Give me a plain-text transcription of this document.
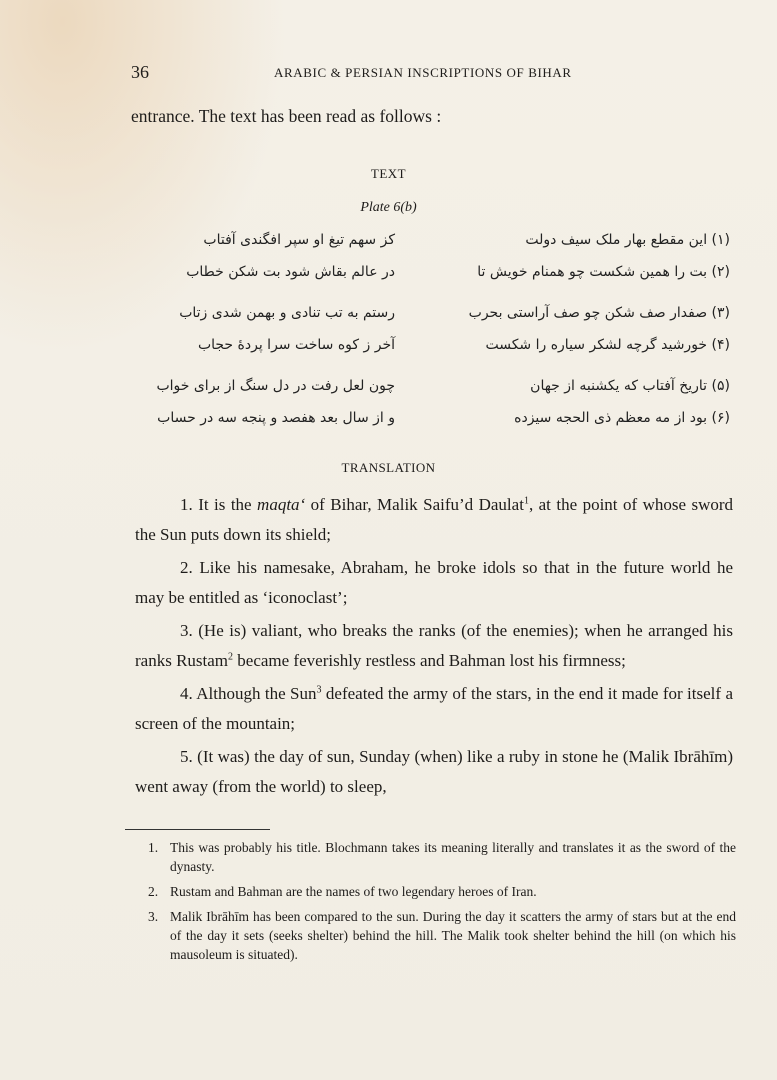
36	ARABIC & PERSIAN INSCRIPTIONS OF BIHAR
entrance. The text has been read as follows :
TEXT
Plate 6(b)
(۱) این مقطع بهار ملک سیف دولت
کز سهم تیغ او سپر افگندی آفتاب
(۲) بت را همین شکست چو همنام خویش تا
در عالم بقاش شود بت شکن خطاب
(۳) صفدار صف شکن چو صف آراستی بحرب
رستم به تب تنادی و بهمن شدی زتاب
(۴) خورشید گرچه لشکر سیاره را شکست
آخر ز کوه ساخت سرا پردهٔ حجاب
(۵) تاریخ آفتاب که یکشنبه از جهان
چون لعل رفت در دل سنگ از برای خواب
(۶) بود از مه معظم ذی الحجه سیزده
و از سال بعد هفصد و پنجه سه در حساب
TRANSLATION

1. It is the maqta‘ of Bihar, Malik Saifu’d Daulat$^1$, at the point of whose sword the Sun puts down its shield;

2. Like his namesake, Abraham, he broke idols so that in the future world he may be entitled as ‘iconoclast’;

3. (He is) valiant, who breaks the ranks (of the enemies); when he arranged his ranks Rustam$^2$ became feverishly restless and Bahman lost his firmness;

4. Although the Sun$^3$ defeated the army of the stars, in the end it made for itself a screen of the mountain;

5. (It was) the day of sun, Sunday (when) like a ruby in stone he (Malik Ibrāhīm) went away (from the world) to sleep,

1. This was probably his title. Blochmann takes its meaning literally and translates it as the sword of the dynasty.
2. Rustam and Bahman are the names of two legendary heroes of Iran.
3. Malik Ibrāhīm has been compared to the sun. During the day it scatters the army of stars but at the end of the day it sets (seeks shelter) behind the hill. The Malik took shelter behind the hill (on which his mausoleum is situated).
